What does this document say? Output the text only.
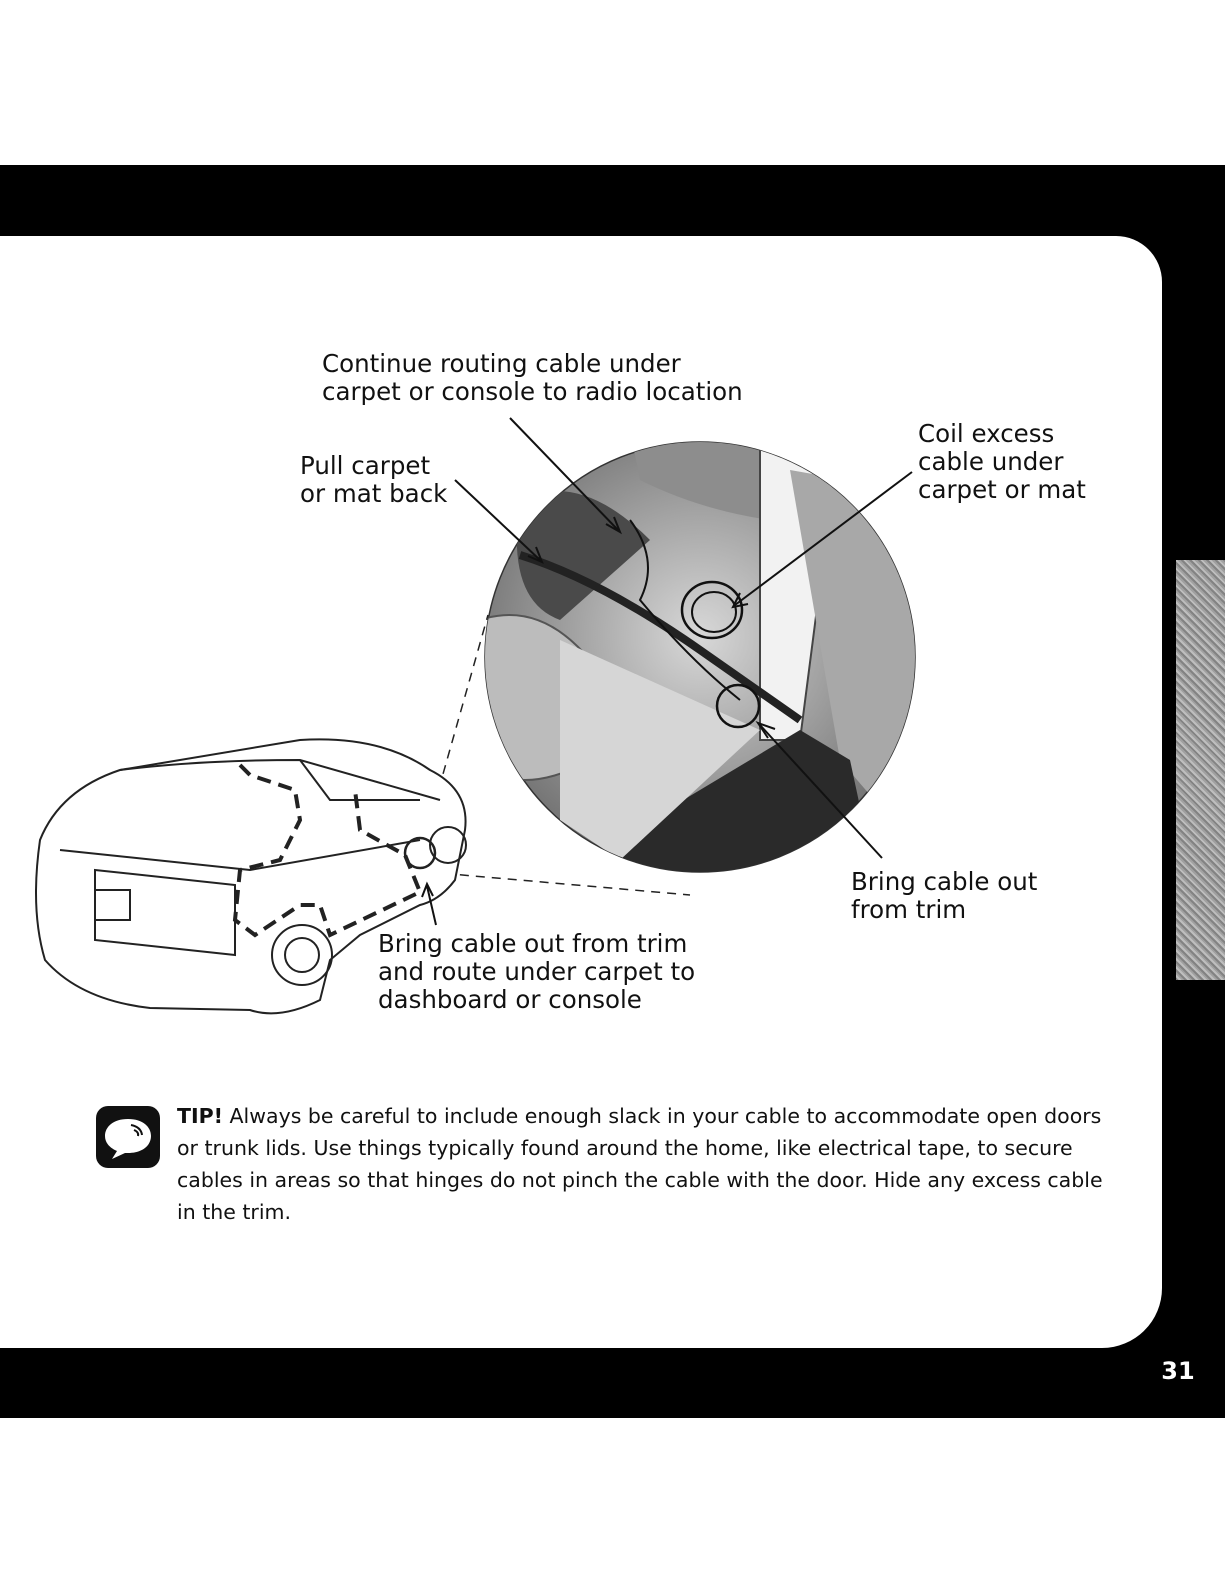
Continue routing cable under
carpet or console to radio location
Pull carpet
or mat back
Coil excess
cable under
carpet or mat
Bring cable out
from trim
Bring cable out from trim
and route under carpet to
dashboard or console
TIP! Always be careful to include enough slack in your cable to accommodate open doors or trunk lids. Use things typically found around the home, like electrical tape, to secure cables in areas so that hinges do not pinch the cable with the door. Hide any excess cable in the trim.
31
